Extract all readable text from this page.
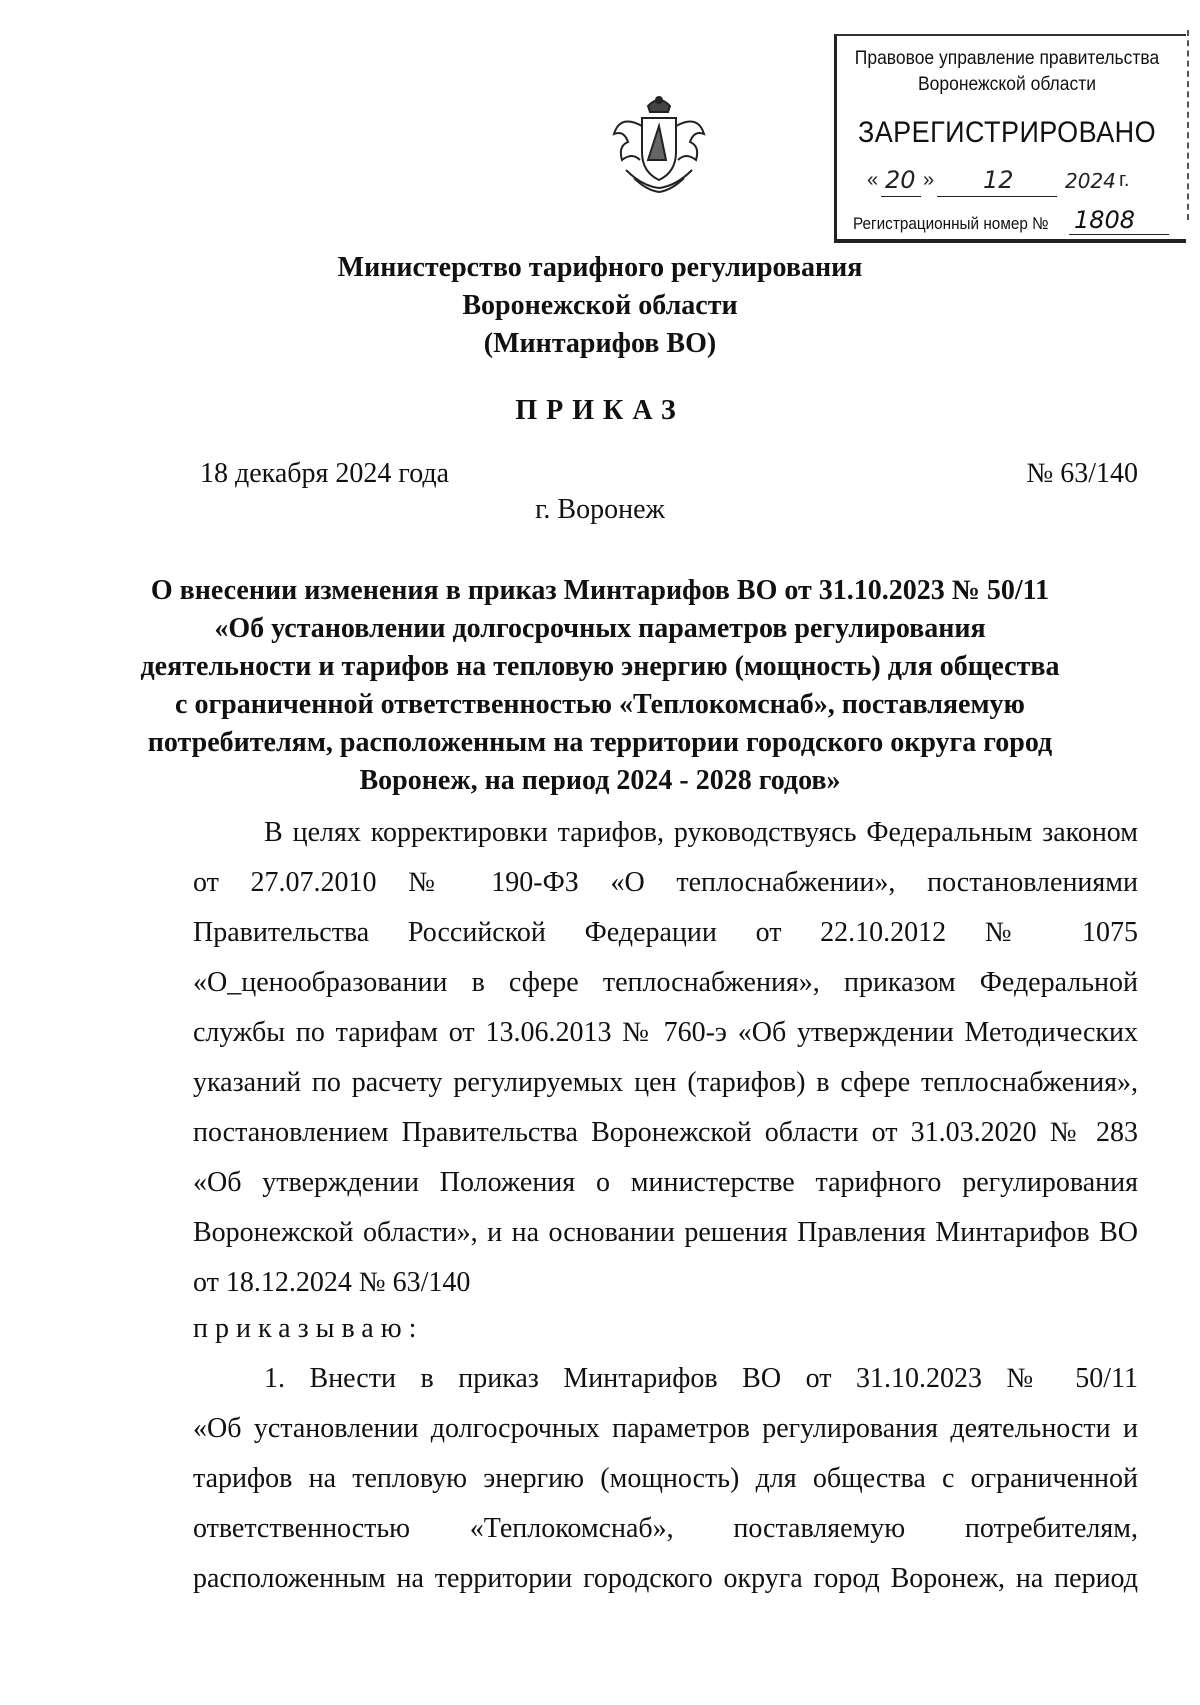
Правовое управление правительства
Воронежской области
ЗАРЕГИСТРИРОВАНО
« 20 » 12	2024 г.
Регистрационный номер № 1808
Министерство тарифного регулирования
Воронежской области
(Минтарифов ВО)
ПРИКАЗ
18 декабря 2024 года	№ 63/140
г. Воронеж
О внесении изменения в приказ Минтарифов ВО от 31.10.2023 № 50/11
«Об установлении долгосрочных параметров регулирования
деятельности и тарифов на тепловую энергию (мощность) для общества
с ограниченной ответственностью «Теплокомснаб», поставляемую
потребителям, расположенным на территории городского округа город
Воронеж, на период 2024 - 2028 годов»
В целях корректировки тарифов, руководствуясь Федеральным законом
от 27.07.2010 № 190-ФЗ «О теплоснабжении», постановлениями
Правительства Российской Федерации от 22.10.2012 № 1075
«О_ценообразовании в сфере теплоснабжения», приказом Федеральной
службы по тарифам от 13.06.2013 № 760-э «Об утверждении Методических
указаний по расчету регулируемых цен (тарифов) в сфере теплоснабжения»,
постановлением Правительства Воронежской области от 31.03.2020 № 283
«Об утверждении Положения о министерстве тарифного регулирования
Воронежской области», и на основании решения Правления Минтарифов ВО
от 18.12.2024 № 63/140
приказываю:
1. Внести в приказ Минтарифов ВО от 31.10.2023 № 50/11
«Об установлении долгосрочных параметров регулирования деятельности и
тарифов на тепловую энергию (мощность) для общества с ограниченной
ответственностью «Теплокомснаб», поставляемую потребителям,
расположенным на территории городского округа город Воронеж, на период
